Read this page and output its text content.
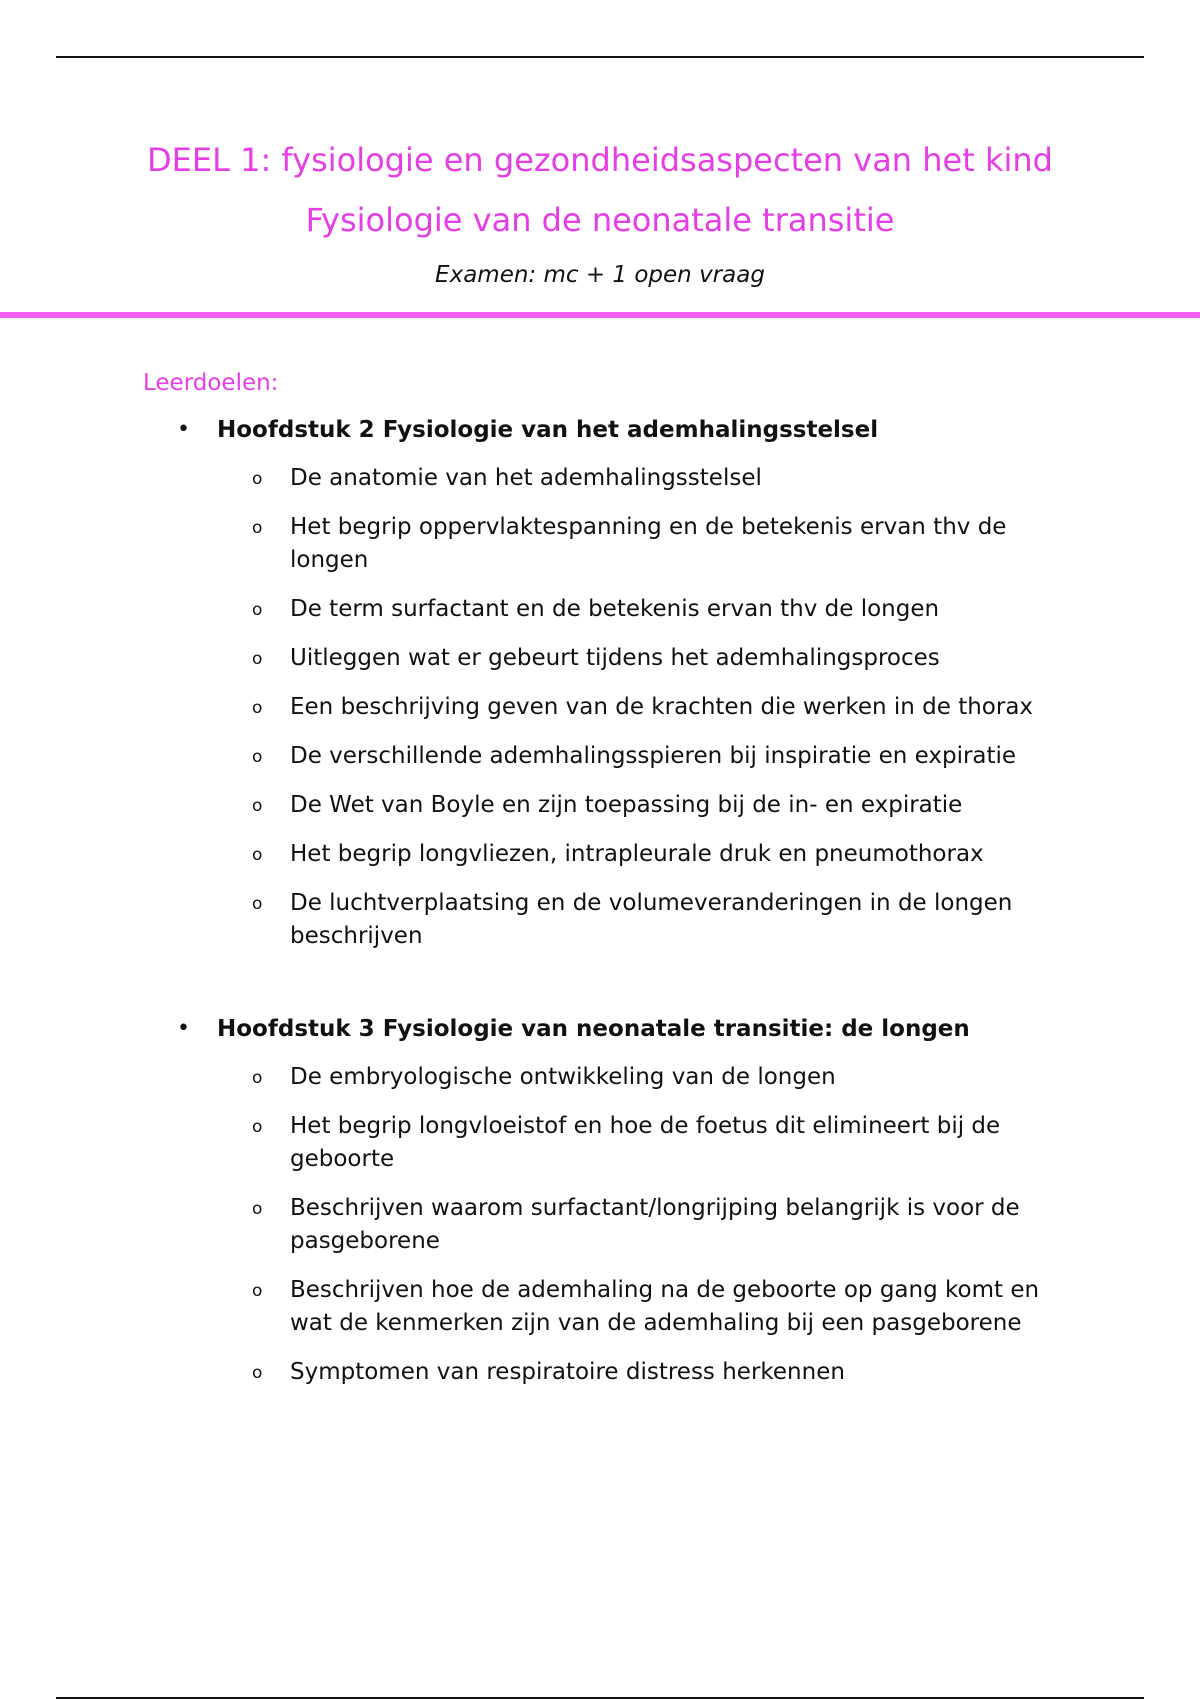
DEEL 1: fysiologie en gezondheidsaspecten van het kind
Fysiologie van de neonatale transitie

Examen: mc + 1 open vraag

Leerdoelen:

• Hoofdstuk 2 Fysiologie van het ademhalingsstelsel

o De anatomie van het ademhalingsstelsel
o Het begrip oppervlaktespanning en de betekenis ervan thv de longen
o De term surfactant en de betekenis ervan thv de longen
o Uitleggen wat er gebeurt tijdens het ademhalingsproces
o Een beschrijving geven van de krachten die werken in de thorax
o De verschillende ademhalingsspieren bij inspiratie en expiratie
o De Wet van Boyle en zijn toepassing bij de in- en expiratie
o Het begrip longvliezen, intrapleurale druk en pneumothorax
o De luchtverplaatsing en de volumeveranderingen in de longen beschrijven
• Hoofdstuk 3 Fysiologie van neonatale transitie: de longen

o De embryologische ontwikkeling van de longen
o Het begrip longvloeistof en hoe de foetus dit elimineert bij de geboorte
o Beschrijven waarom surfactant/longrijping belangrijk is voor de pasgeborene
o Beschrijven hoe de ademhaling na de geboorte op gang komt en wat de kenmerken zijn van de ademhaling bij een pasgeborene
o Symptomen van respiratoire distress herkennen
